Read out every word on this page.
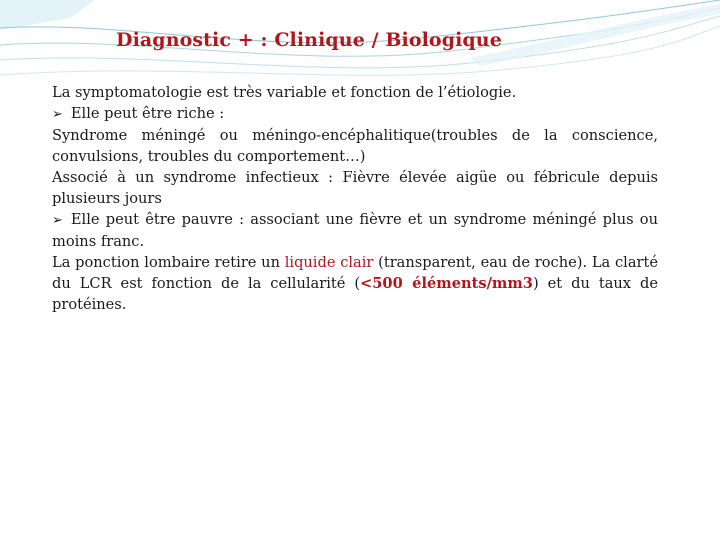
Diagnostic + : Clinique / Biologique

La symptomatologie est très variable et fonction de l’étiologie.

➢ Elle peut être riche :

Syndrome méningé ou méningo-encéphalitique(troubles de la conscience, convulsions, troubles du comportement…)

Associé à un syndrome infectieux : Fièvre élevée aigüe ou fébricule depuis plusieurs jours

➢ Elle peut être pauvre : associant une fièvre et un syndrome méningé plus ou moins franc.

La ponction lombaire retire un liquide clair (transparent, eau de roche). La clarté du LCR est fonction de la cellularité (<500 éléments/mm3) et du taux de protéines.
